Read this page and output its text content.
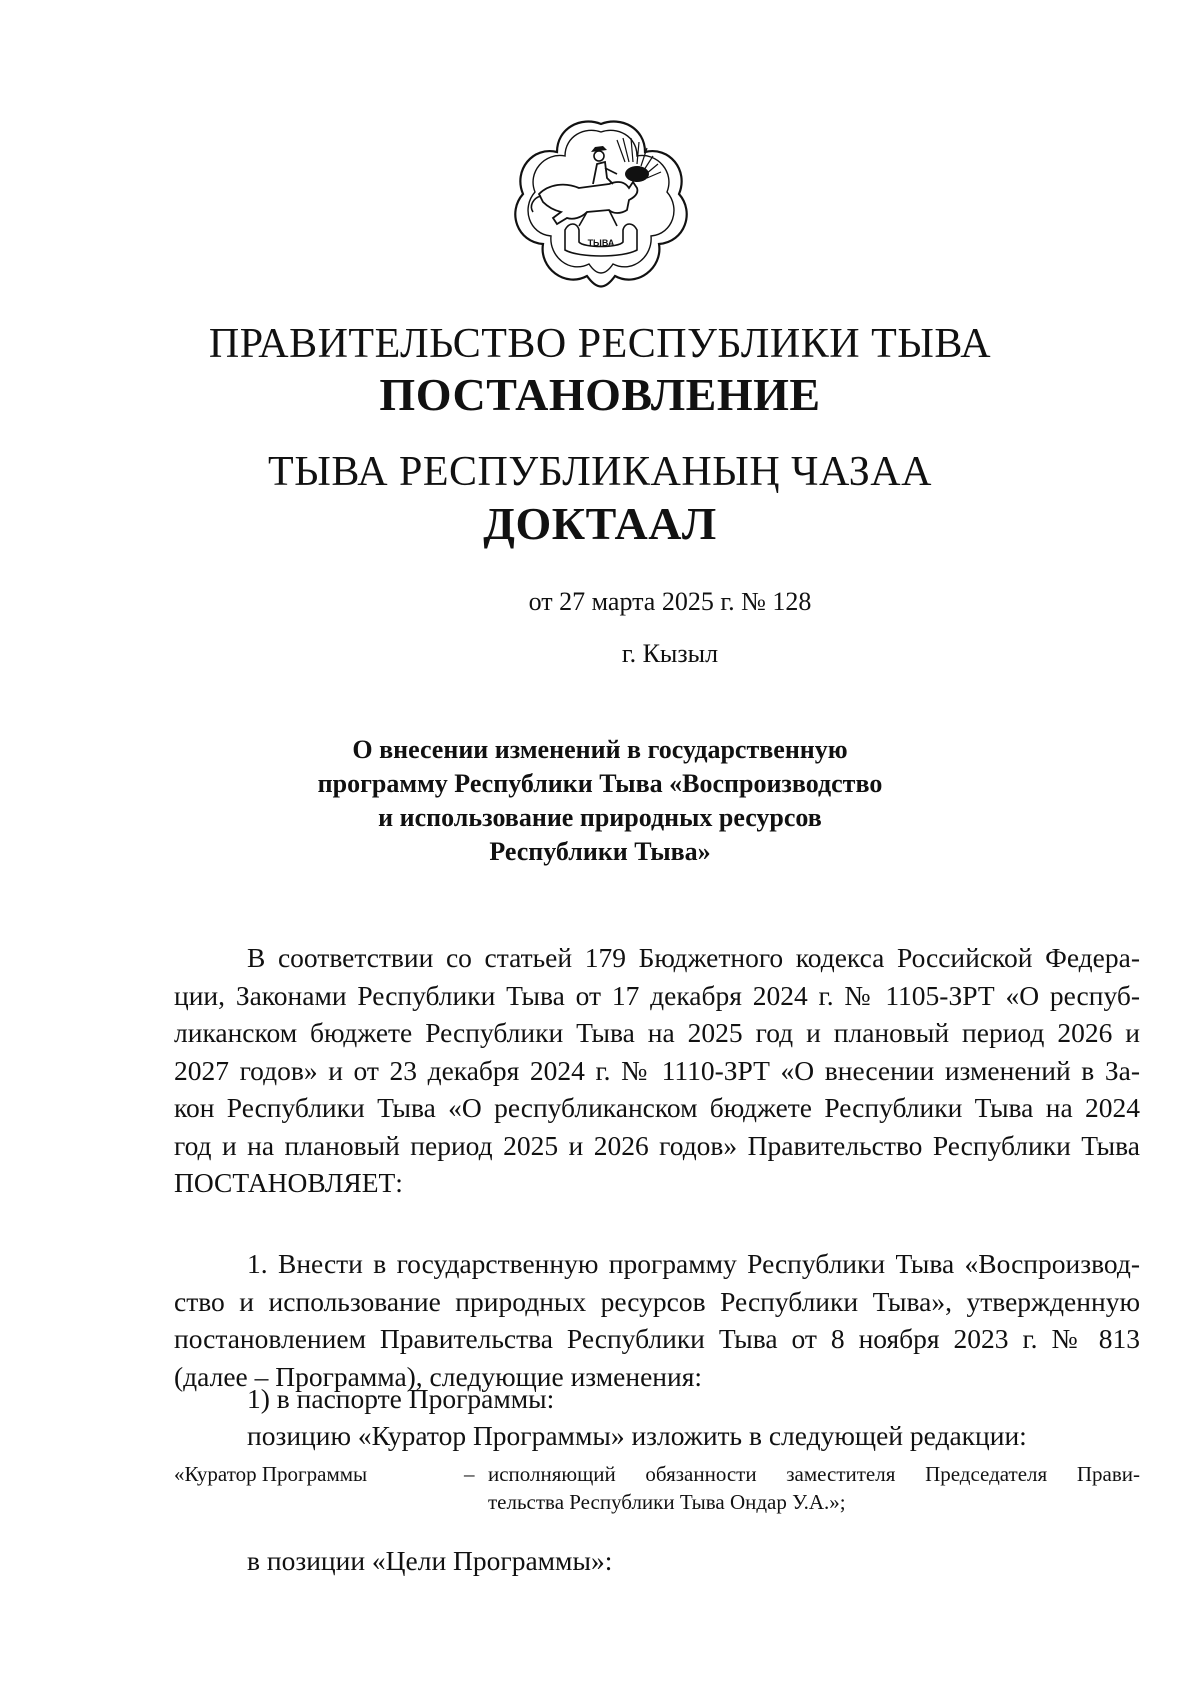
ТЫВА
ПРАВИТЕЛЬСТВО РЕСПУБЛИКИ ТЫВА
ПОСТАНОВЛЕНИЕ
ТЫВА РЕСПУБЛИКАНЫҢ ЧАЗАА
ДОКТААЛ
от 27 марта 2025 г. № 128
г. Кызыл
О внесении изменений в государственную
программу Республики Тыва «Воспроизводство
и использование природных ресурсов
Республики Тыва»
В соответствии со статьей 179 Бюджетного кодекса Российской Федера-
ции, Законами Республики Тыва от 17 декабря 2024 г. № 1105-ЗРТ «О респуб-
ликанском бюджете Республики Тыва на 2025 год и плановый период 2026 и
2027 годов» и от 23 декабря 2024 г. № 1110-ЗРТ «О внесении изменений в За-
кон Республики Тыва «О республиканском бюджете Республики Тыва на 2024
год и на плановый период 2025 и 2026 годов» Правительство Республики Тыва
ПОСТАНОВЛЯЕТ:
1. Внести в государственную программу Республики Тыва «Воспроизвод-
ство и использование природных ресурсов Республики Тыва», утвержденную
постановлением Правительства Республики Тыва от 8 ноября 2023 г. № 813
(далее – Программа), следующие изменения:
1) в паспорте Программы:
позицию «Куратор Программы» изложить в следующей редакции:
«Куратор Программы	– исполняющий обязанности заместителя Председателя Прави-
тельства Республики Тыва Ондар У.А.»;
в позиции «Цели Программы»:
